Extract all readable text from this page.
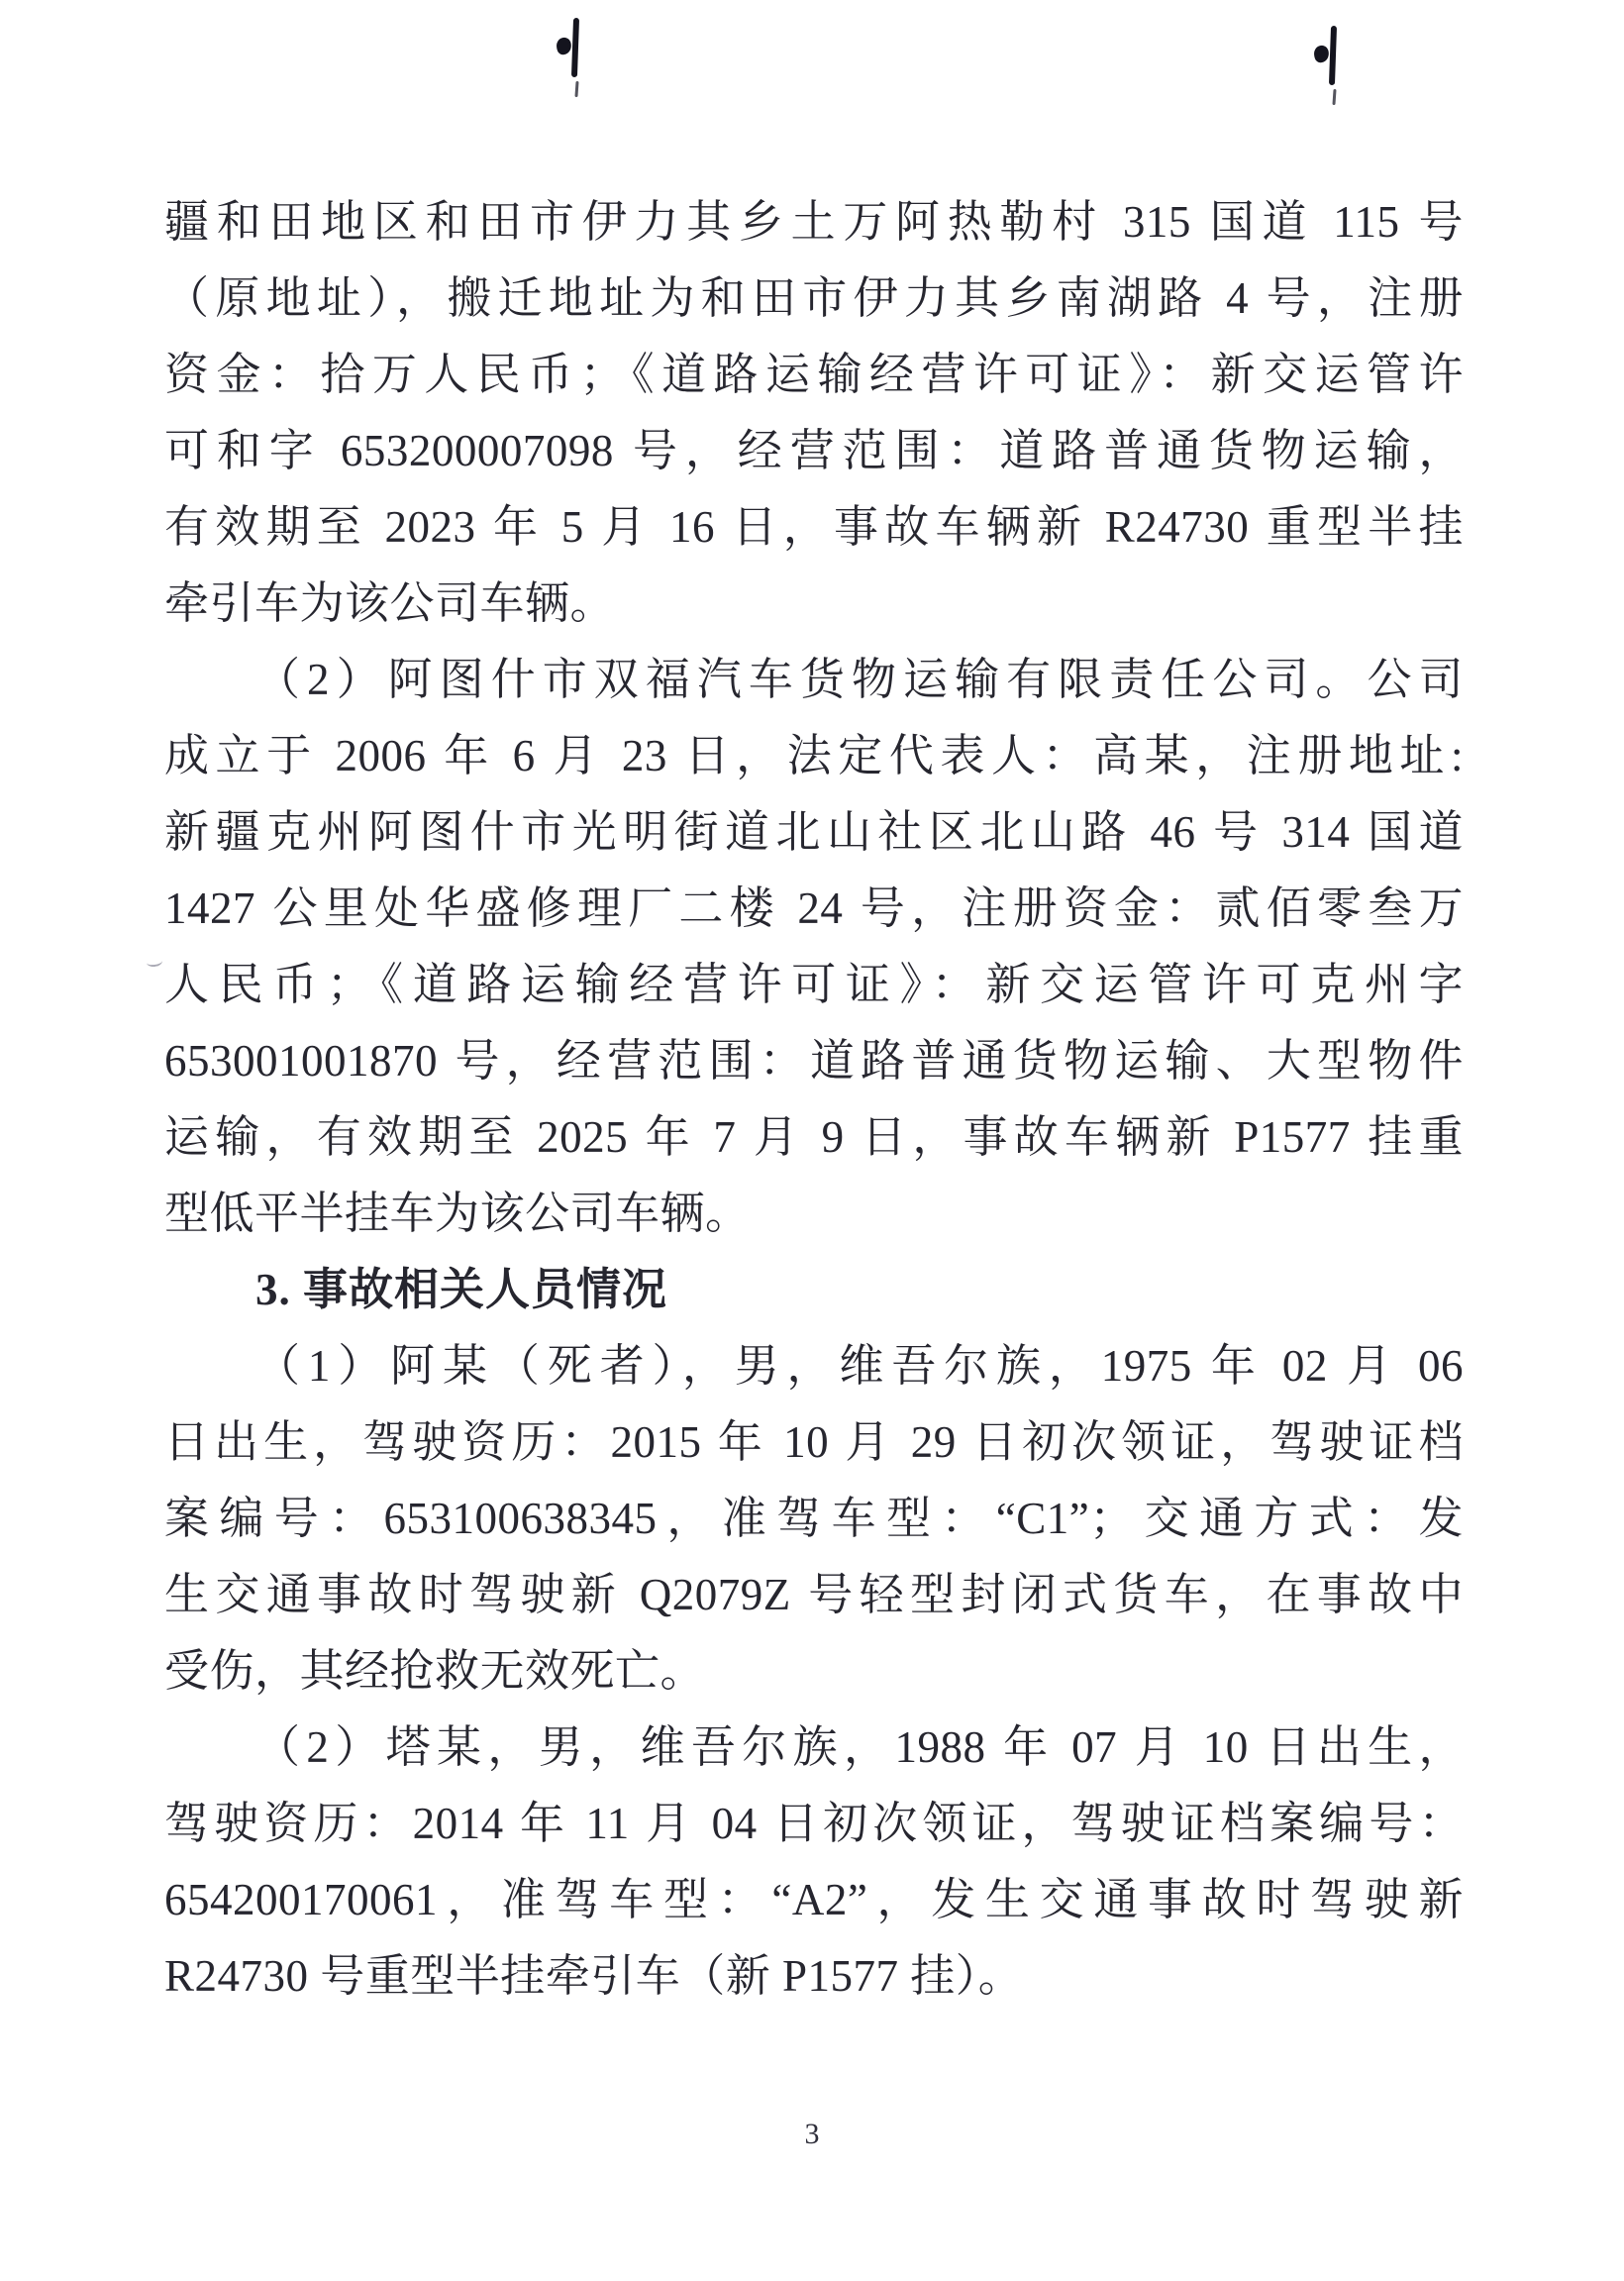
疆和田地区和田市伊力其乡土万阿热勒村 315 国道 115 号
（原地址），搬迁地址为和田市伊力其乡南湖路 4 号，注册
资金：拾万人民币；《道路运输经营许可证》：新交运管许
可和字 653200007098 号，经营范围：道路普通货物运输，
有效期至 2023 年 5 月 16 日，事故车辆新 R24730 重型半挂
牵引车为该公司车辆。
（2）阿图什市双福汽车货物运输有限责任公司。公司
成立于 2006 年 6 月 23 日，法定代表人：高某，注册地址:
新疆克州阿图什市光明街道北山社区北山路 46 号 314 国道
1427 公里处华盛修理厂二楼 24 号，注册资金：贰佰零叁万
人民币；《道路运输经营许可证》：新交运管许可克州字
653001001870 号，经营范围：道路普通货物运输、大型物件
运输，有效期至 2025 年 7 月 9 日，事故车辆新 P1577 挂重
型低平半挂车为该公司车辆。
3. 事故相关人员情况
（1）阿某（死者），男，维吾尔族，1975 年 02 月 06
日出生，驾驶资历：2015 年 10 月 29 日初次领证，驾驶证档
案编号：653100638345，准驾车型：“C1”；交通方式：发
生交通事故时驾驶新 Q2079Z 号轻型封闭式货车，在事故中
受伤，其经抢救无效死亡。
（2）塔某，男，维吾尔族，1988 年 07 月 10 日出生，
驾驶资历：2014 年 11 月 04 日初次领证，驾驶证档案编号：
654200170061，准驾车型：“A2”，发生交通事故时驾驶新
R24730 号重型半挂牵引车（新 P1577 挂）。
3
